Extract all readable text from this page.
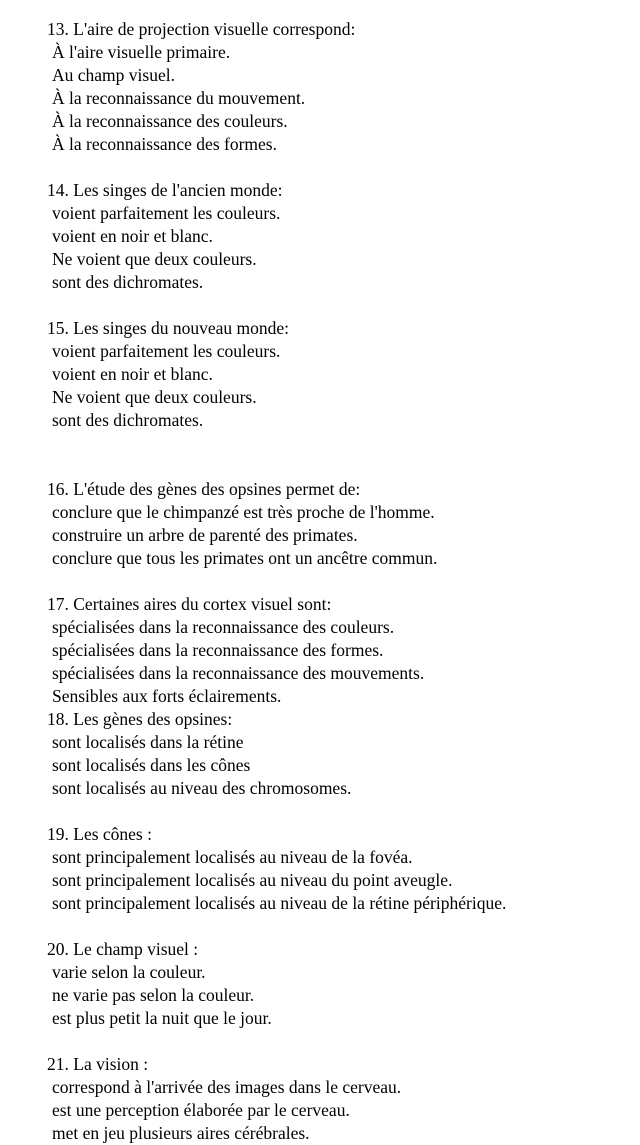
13. L'aire de projection visuelle correspond:

À l'aire visuelle primaire.
Au champ visuel.
À la reconnaissance du mouvement.
À la reconnaissance des couleurs.
À la reconnaissance des formes.

14. Les singes de l'ancien monde:

voient parfaitement les couleurs.
voient en noir et blanc.
Ne voient que deux couleurs.
sont des dichromates.

15. Les singes du nouveau monde:

voient parfaitement les couleurs.
voient en noir et blanc.
Ne voient que deux couleurs.
sont des dichromates.

16. L'étude des gènes des opsines permet de:

conclure que le chimpanzé est très proche de l'homme.
construire un arbre de parenté des primates.
conclure que tous les primates ont un ancêtre commun.

17. Certaines aires du cortex visuel sont:

spécialisées dans la reconnaissance des couleurs.
spécialisées dans la reconnaissance des formes.
spécialisées dans la reconnaissance des mouvements.
Sensibles aux forts éclairements.

18. Les gènes des opsines:

sont localisés dans la rétine
sont localisés dans les cônes
sont localisés au niveau des chromosomes.

19. Les cônes :

sont principalement localisés au niveau de la fovéa.
sont principalement localisés au niveau du point aveugle.
sont principalement localisés au niveau de la rétine périphérique.

20. Le champ visuel :

varie selon la couleur.
ne varie pas selon la couleur.
est plus petit la nuit que le jour.

21. La vision :

correspond à l'arrivée des images dans le cerveau.
est une perception élaborée par le cerveau.
met en jeu plusieurs aires cérébrales.
